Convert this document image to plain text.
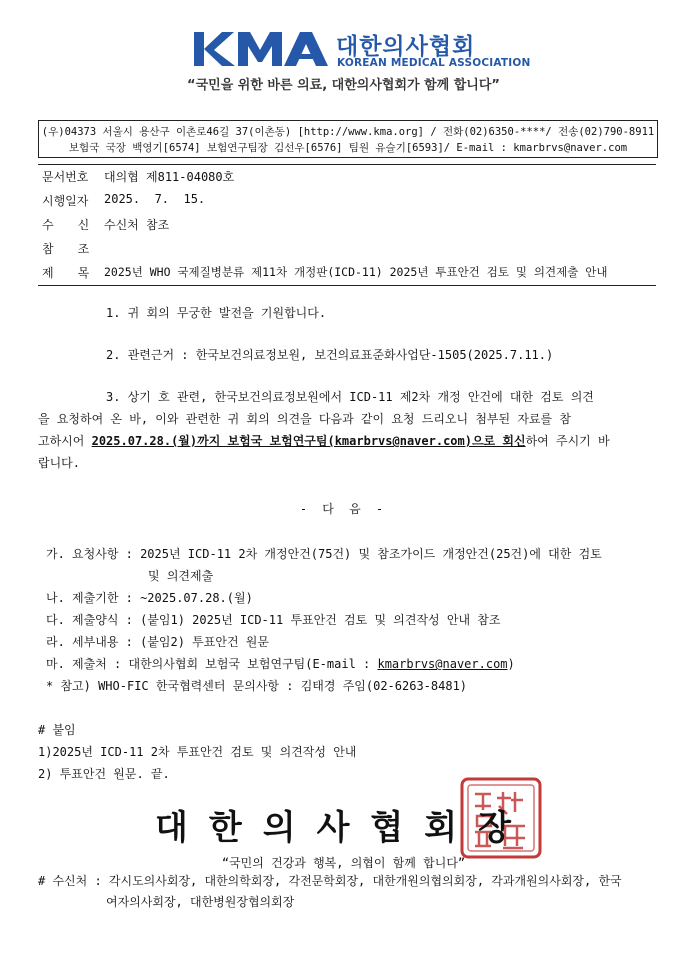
대한의사협회
KOREAN MEDICAL ASSOCIATION
“국민을 위한 바른 의료, 대한의사협회가 함께 합니다”
(우)04373 서울시 용산구 이촌로46길 37(이촌동) [http://www.kma.org] / 전화(02)6350-****/ 전송(02)790-8911
보험국 국장 백영기[6574] 보험연구팀장 김선우[6576] 팀원 유슬기[6593]/ E-mail : kmarbrvs@naver.com
문서번호 대의협 제811-04080호
시행일자 2025.  7.  15.
수신
수신처 참조
참조
제목
2025년 WHO 국제질병분류 제11차 개정판(ICD-11) 2025년 투표안건 검토 및 의견제출 안내
1. 귀 회의 무궁한 발전을 기원합니다.
2. 관련근거 : 한국보건의료정보원, 보건의료표준화사업단-1505(2025.7.11.)
3. 상기 호 관련, 한국보건의료정보원에서 ICD-11 제2차 개정 안건에 대한 검토 의견
을 요청하여 온 바, 이와 관련한 귀 회의 의견을 다음과 같이 요청 드리오니 첨부된 자료를 참
고하시어 2025.07.28.(월)까지 보험국 보험연구팀(kmarbrvs@naver.com)으로 회신하여 주시기 바
랍니다.
- 다 음 -
가. 요청사항 : 2025년 ICD-11 2차 개정안건(75건) 및 참조가이드 개정안건(25건)에 대한 검토
및 의견제출
나. 제출기한 : ~2025.07.28.(월)
다. 제출양식 : (붙임1) 2025년 ICD-11 투표안건 검토 및 의견작성 안내 참조
라. 세부내용 : (붙임2) 투표안건 원문
마. 제출처 : 대한의사협회 보험국 보험연구팀(E-mail : kmarbrvs@naver.com)
* 참고) WHO-FIC 한국협력센터 문의사항 : 김태경 주임(02-6263-8481)
# 붙임
1)2025년 ICD-11 2차 투표안건 검토 및 의견작성 안내
2) 투표안건 원문. 끝.
대한의사협회장
“국민의 건강과 행복, 의협이 함께 합니다”
# 수신처 : 각시도의사회장, 대한의학회장, 각전문학회장, 대한개원의협의회장, 각과개원의사회장, 한국
여자의사회장, 대한병원장협의회장
